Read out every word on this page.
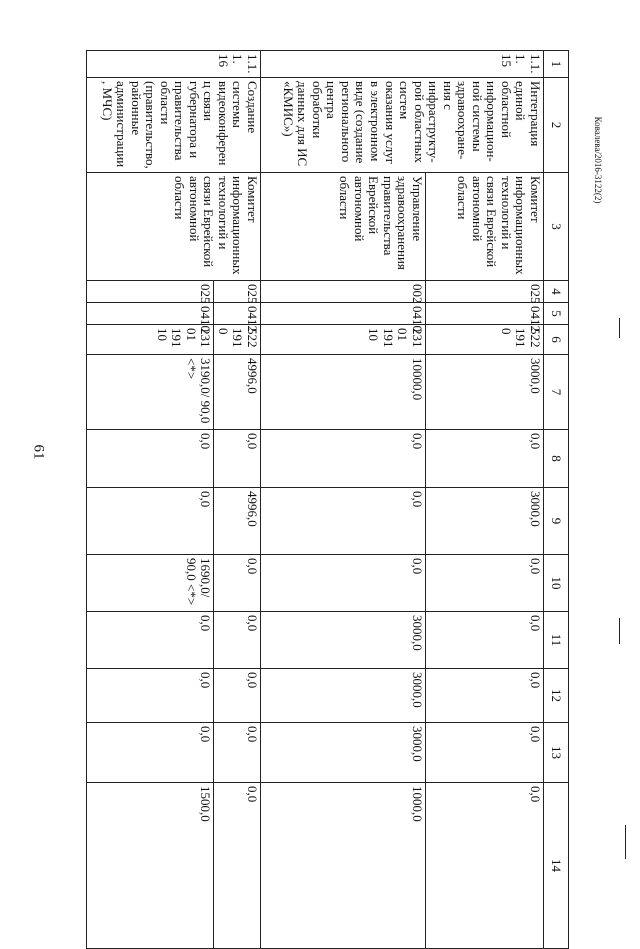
61
Ковалева/2016-3122(2)
1	2	3	4	5	6	7	8	9	10	11	12	13	14
1.1.1. 15	Интеграция единой областной информацион-ной системы здравоохране-ния с инфраструкту-рой областных систем оказания услуг в электронном виде (создание регионального центра обработки данных для ИС «КМИС»)	Комитет информационных технологий и связи Еврейской автономной области	025	0412	522 1910	3000,0	0,0	3000,0	0,0	0,0	0,0	0,0	0,0
		Управление здравоохранения правительства Еврейской автономной области	002	0410	23101 19110	10000,0	0,0	0,0	0,0	3000,0	3000,0	3000,0	1000,0
1.1.1. 16	Создание системы видеоконференц связи губернатора и правительства области (правительство, районные администрации, МЧС)	Комитет информационных технологий и связи Еврейской автономной области	025	0412	522 1910	4996,0	0,0	4996,0	0,0	0,0	0,0	0,0	0,0
			025	0410	23101 19110	3190,0/ 90,0 <*>	0,0	0,0	1690,0/ 90,0 <*>	0,0	0,0	0,0	1500,0
